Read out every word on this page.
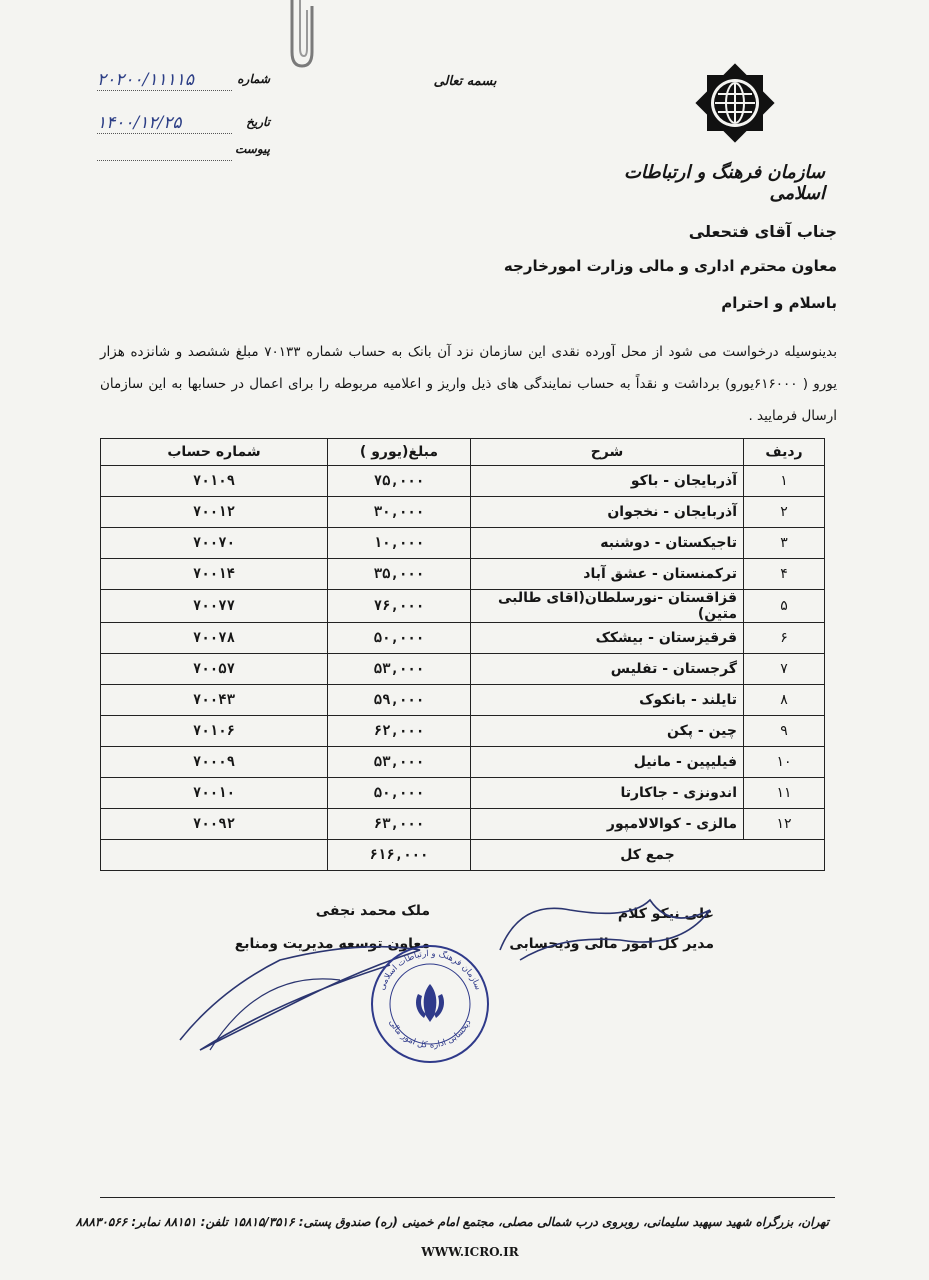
بسمه تعالی
سازمان فرهنگ و ارتباطات اسلامی
شماره
۲۰۲۰۰/۱۱۱۱۵
تاریخ
۱۴۰۰/۱۲/۲۵
پیوست
جناب آقای فتحعلی
معاون محترم اداری و مالی وزارت امورخارجه
باسلام و احترام
بدینوسیله درخواست می شود از محل آورده نقدی این سازمان نزد آن بانک به حساب شماره ۷۰۱۳۳ مبلغ ششصد و شانزده هزار یورو ( ۶۱۶۰۰۰یورو) برداشت و نقداً به حساب نمایندگی های ذیل واریز و اعلامیه مربوطه را برای اعمال در حسابها به این سازمان ارسال فرمایید .
ردیف	شرح	مبلغ(یورو )	شماره حساب
۱	آذربایجان - باکو	۷۵,۰۰۰	۷۰۱۰۹
۲	آذربایجان - نخجوان	۳۰,۰۰۰	۷۰۰۱۲
۳	تاجیکستان - دوشنبه	۱۰,۰۰۰	۷۰۰۷۰
۴	ترکمنستان - عشق آباد	۳۵,۰۰۰	۷۰۰۱۴
۵	قزاقستان -نورسلطان(اقای طالبی متین)	۷۶,۰۰۰	۷۰۰۷۷
۶	قرقیزستان - بیشکک	۵۰,۰۰۰	۷۰۰۷۸
۷	گرجستان - تفلیس	۵۳,۰۰۰	۷۰۰۵۷
۸	تایلند - بانکوک	۵۹,۰۰۰	۷۰۰۴۳
۹	چین - پکن	۶۲,۰۰۰	۷۰۱۰۶
۱۰	فیلیپین - مانیل	۵۳,۰۰۰	۷۰۰۰۹
۱۱	اندونزی - جاکارتا	۵۰,۰۰۰	۷۰۰۱۰
۱۲	مالزی - کوالالامپور	۶۳,۰۰۰	۷۰۰۹۲
جمع کل		۶۱۶,۰۰۰	
علی نیکو کلام
مدیر کل امور مالی وذیحسابی
ملک محمد نجفی
معاون توسعه مدیریت ومنابع
سازمان فرهنگ و ارتباطات اسلامی
ذیحسابی اداره کل امور مالی
تهران، بزرگراه شهید سپهبد سلیمانی، روبروی درب شمالی مصلی، مجتمع امام خمینی (ره) صندوق پستی: ۱۵۸۱۵/۳۵۱۶ تلفن: ۸۸۱۵۱ نمابر: ۸۸۸۳۰۵۶۶
WWW.ICRO.IR
